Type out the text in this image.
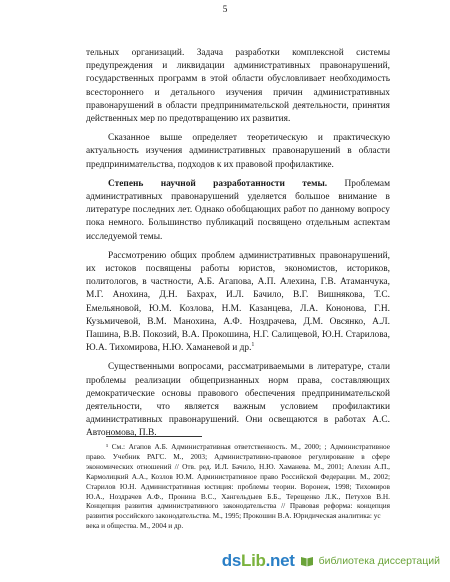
5

тельных организаций. Задача разработки комплексной системы предупреждения и ликвидации административных правонарушений, государственных программ в этой области обусловливает необходимость всестороннего и детального изучения причин административных правонарушений в области предпринимательской деятельности, принятия действенных мер по предотвращению их развития.

Сказанное выше определяет теоретическую и практическую актуальность изучения административных правонарушений в области предпринимательства, подходов к их правовой профилактике.

Степень научной разработанности темы. Проблемам административных правонарушений уделяется большое внимание в литературе последних лет. Однако обобщающих работ по данному вопросу пока немного. Большинство публикаций посвящено отдельным аспектам исследуемой темы.

Рассмотрению общих проблем административных правонарушений, их истоков посвящены работы юристов, экономистов, историков, политологов, в частности, А.Б. Агапова, А.П. Алехина, Г.В. Атаманчука, М.Г. Анохина, Д.Н. Бахрах, И.Л. Бачило, В.Г. Вишнякова, Т.С. Емельяновой, Ю.М. Козлова, Н.М. Казанцева, Л.А. Кононова, Г.Н. Кузьмичевой, В.М. Манохина, А.Ф. Ноздрачева, Д.М. Овсянко, А.Л. Пашина, В.В. Покозий, В.А. Прокошина, Н.Г. Салищевой, Ю.Н. Старилова, Ю.А. Тихомирова, Н.Ю. Хаманевой и др.$^1$

Существенными вопросами, рассматриваемыми в литературе, стали проблемы реализации общепризнанных норм права, составляющих демократические основы правового обеспечения предпринимательской деятельности, что является важным условием профилактики административных правонарушений. Они освещаются в работах А.С. Автономова, П.В.

¹ См.: Агапов А.Б. Административная ответственность. М., 2000; ; Административное право. Учебник РАГС. М., 2003; Административно-правовое регулирование в сфере экономических отношений // Отв. ред. И.Л. Бачило, Н.Ю. Хаманева. М., 2001; Алехин А.П., Кармолицкий А.А., Козлов Ю.М. Административное право Российской Федерации. М., 2002; Старилов Ю.Н. Административная юстиция: проблемы теории. Воронеж, 1998; Тихомиров Ю.А., Ноздрачев А.Ф., Пронина В.С., Хангельдыев Б.Б., Терещенко Л.К., Петухов В.Н. Концепция развития административного законодательства // Правовая реформа: концепция развития российского законодательства. М., 1995; Прокошин В.А. Юридическая аналитика: ус

века и общества. М., 2004 и др.

ds Lib .net библиотека диссертаций
